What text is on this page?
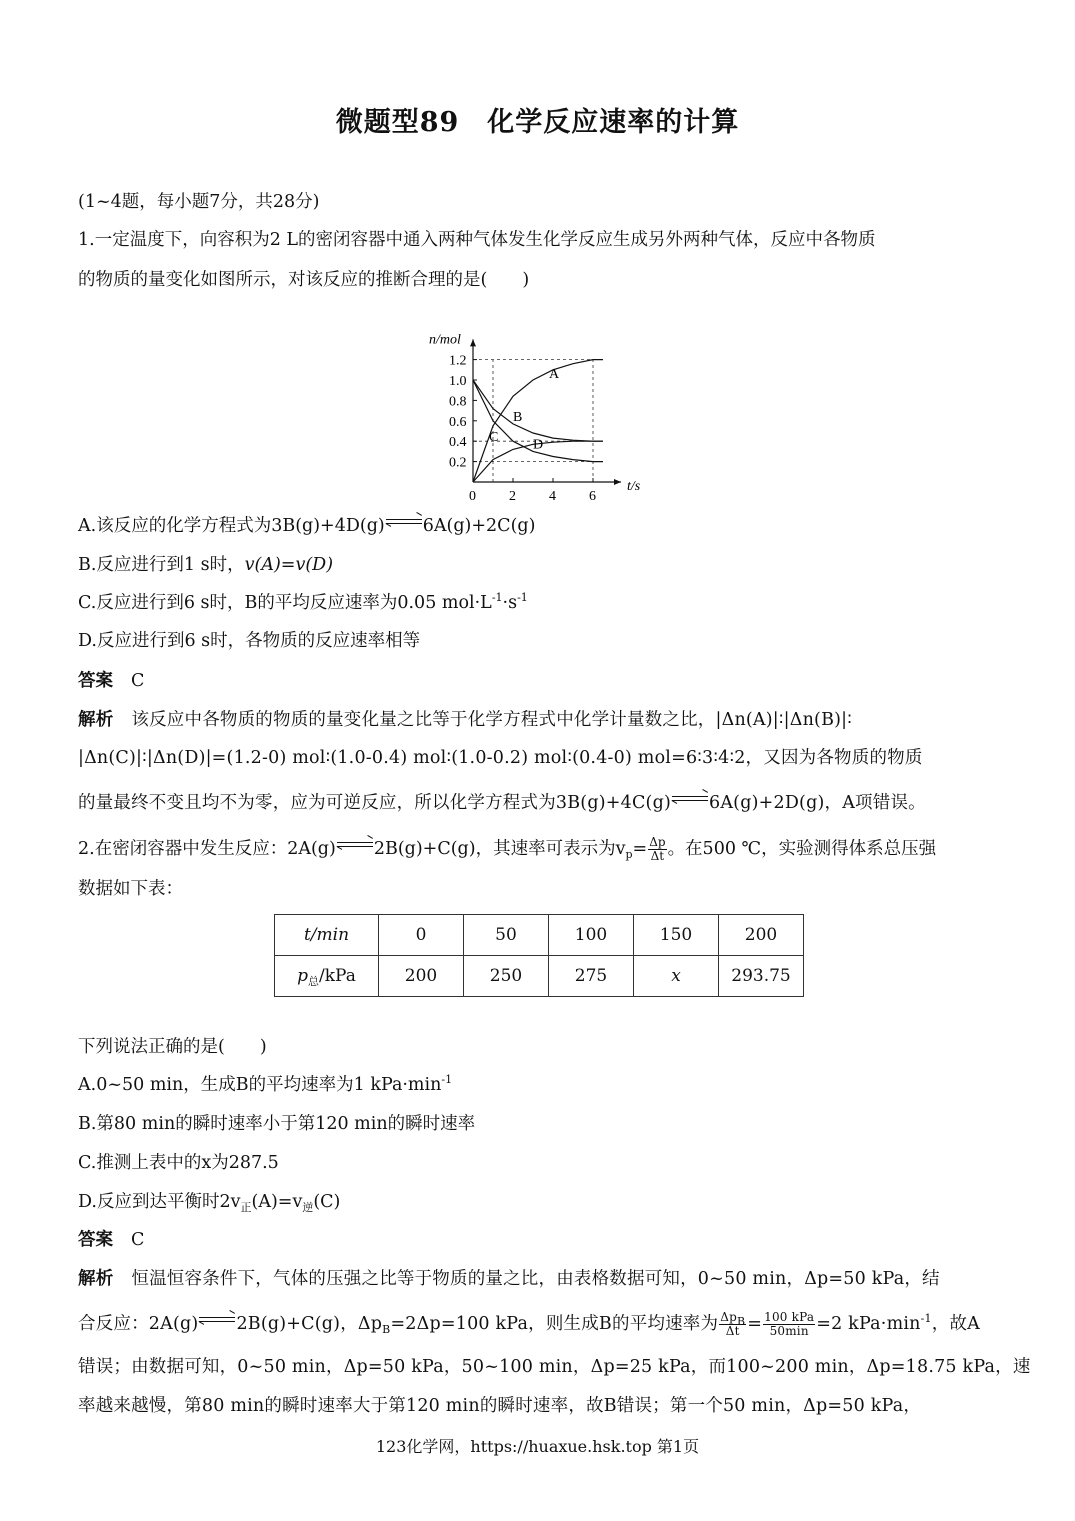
微题型89　化学反应速率的计算
(1~4题，每小题7分，共28分)
1.一定温度下，向容积为2 L的密闭容器中通入两种气体发生化学反应生成另外两种气体，反应中各物质
的物质的量变化如图所示，对该反应的推断合理的是(　　)
n/mol
t/s
0.2
0.4
0.6
0.8
1.0
1.2
0 2 4 6
A
B
C D
A.该反应的化学方程式为3B(g)+4D(g) 6A(g)+2C(g)
B.反应进行到1 s时，v(A)=v(D)
C.反应进行到6 s时，B的平均反应速率为0.05 $mol\cdot L^{-1}\cdot s^{-1}$
D.反应进行到6 s时，各物质的反应速率相等
答案 C
解析 该反应中各物质的物质的量变化量之比等于化学方程式中化学计量数之比，|Δn(A)|∶|Δn(B)|∶
|Δn(C)|∶|Δn(D)|=(1.2-0) mol∶(1.0-0.4) mol∶(1.0-0.2) mol∶(0.4-0) mol=6∶3∶4∶2，又因为各物质的物质
的量最终不变且均不为零，应为可逆反应，所以化学方程式为3B(g)+4C(g) 6A(g)+2D(g)，A项错误。
2.在密闭容器中发生反应：2A(g) 2B(g)+C(g)，其速率可表示为$v_p= \frac{\Delta p}{\Delta t}$ 。在500 ℃，实验测得体系总压强
数据如下表：
t/min	0	50	100	150	200
$p_总$/kPa	200	250	275	x	293.75
下列说法正确的是(　　)
A.0~50 min，生成B的平均速率为1 $kPa\cdot\min^{-1}$
B.第80 min的瞬时速率小于第120 min的瞬时速率
C.推测上表中的x为287.5
D.反应到达平衡时$2v_正(A)=v_逆(C)$
答案 C
解析 恒温恒容条件下，气体的压强之比等于物质的量之比，由表格数据可知，0~50 min，Δp=50 kPa，结
合反应：2A(g) 2B(g)+C(g)，$\Delta p_B=2\Delta p=100$ kPa，则生成B的平均速率为 $\frac{\Delta p_B}{\Delta t} = \frac{\text{100 kPa}}{50\min} =2$ $kPa\cdot\min^{-1}$，故A
错误；由数据可知，0~50 min，Δp=50 kPa，50~100 min，Δp=25 kPa，而100~200 min，Δp=18.75 kPa，速
率越来越慢，第80 min的瞬时速率大于第120 min的瞬时速率，故B错误；第一个50 min，Δp=50 kPa，
123化学网，https://huaxue.hsk.top 第1页
